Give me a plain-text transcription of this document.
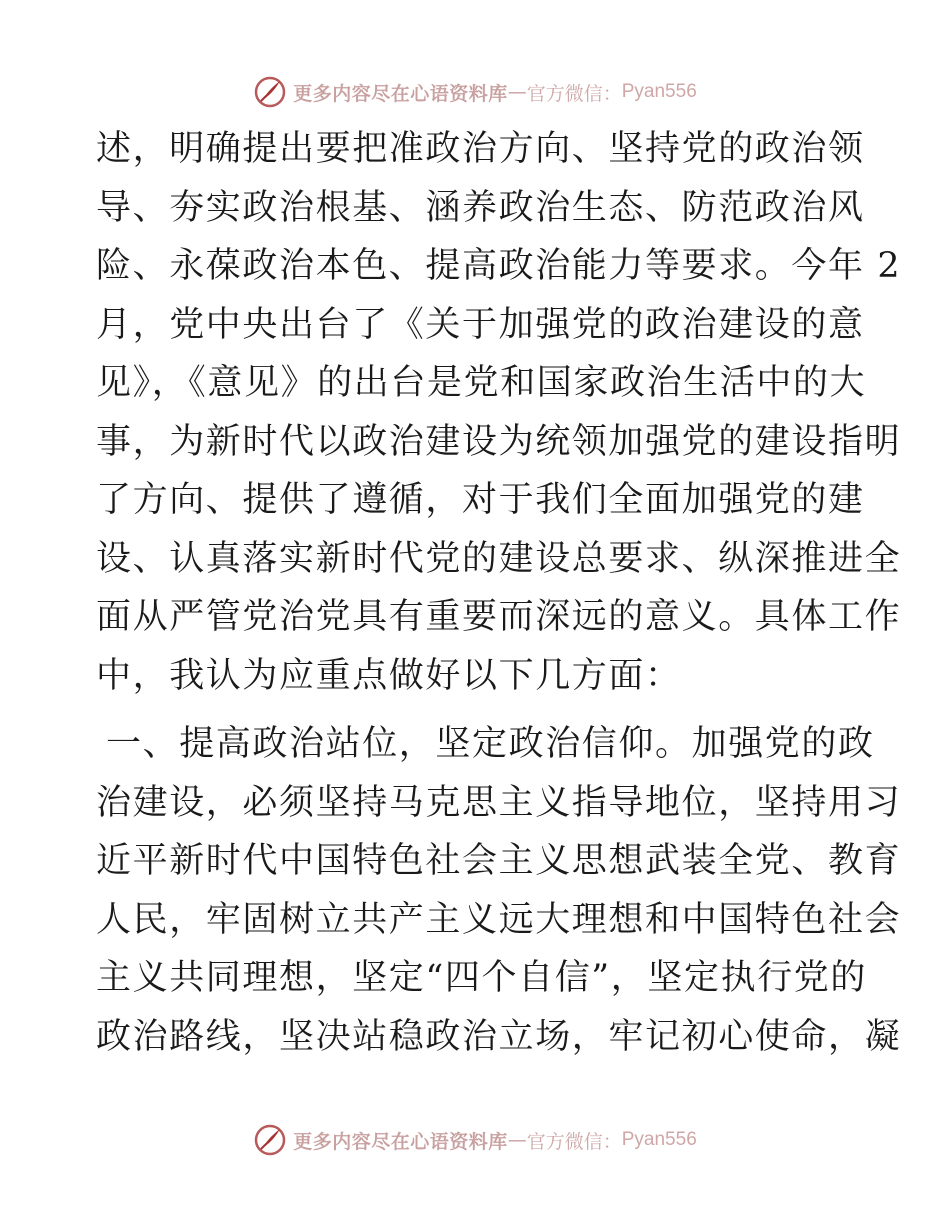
更多内容尽在心语资料库 — 官方微信： Pyan556
述，明确提出要把准政治方向、坚持党的政治领
导、夯实政治根基、涵养政治生态、防范政治风
险、永葆政治本色、提高政治能力等要求。今年 2
月，党中央出台了《关于加强党的政治建设的意
见》，《意见》的出台是党和国家政治生活中的大
事，为新时代以政治建设为统领加强党的建设指明
了方向、提供了遵循，对于我们全面加强党的建
设、认真落实新时代党的建设总要求、纵深推进全
面从严管党治党具有重要而深远的意义。具体工作
中，我认为应重点做好以下几方面：
一、提高政治站位，坚定政治信仰。加强党的政
治建设，必须坚持马克思主义指导地位，坚持用习
近平新时代中国特色社会主义思想武装全党、教育
人民，牢固树立共产主义远大理想和中国特色社会
主义共同理想，坚定“四个自信”，坚定执行党的
政治路线，坚决站稳政治立场，牢记初心使命，凝
更多内容尽在心语资料库 — 官方微信： Pyan556
